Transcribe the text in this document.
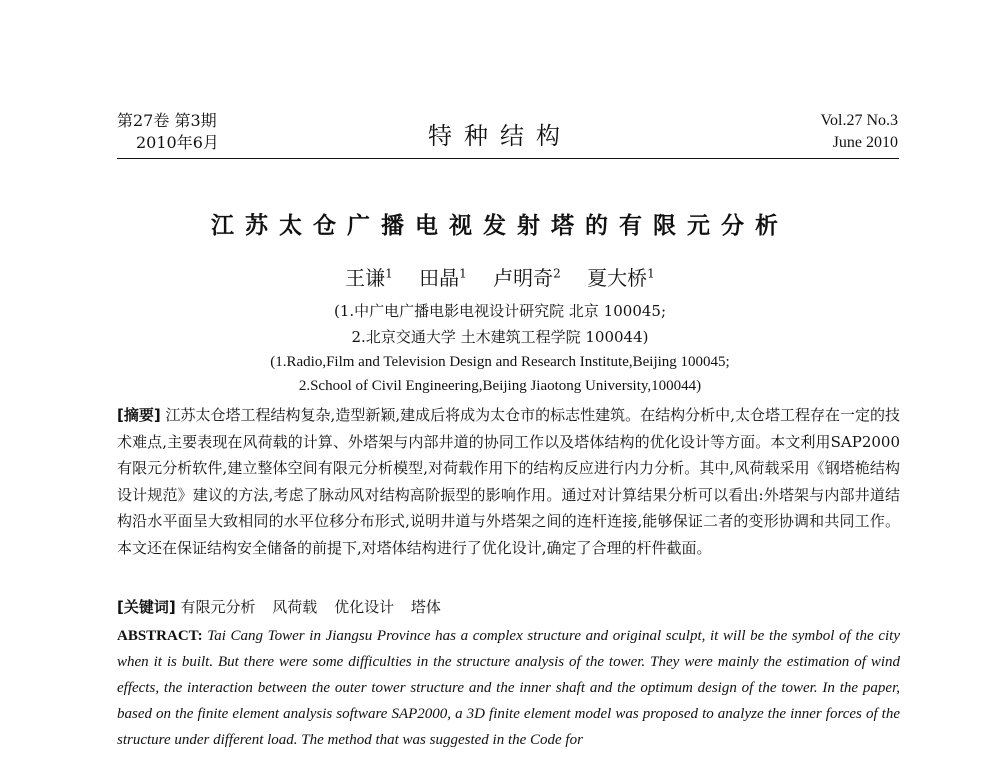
第27卷 第3期
2010年6月	特种结构
Vol.27 No.3
June 2010
江苏太仓广播电视发射塔的有限元分析
王谦$^1$ 田晶$^1$ 卢明奇$^2$ 夏大桥$^1$
(1.中广电广播电影电视设计研究院 北京 100045;
2.北京交通大学 土木建筑工程学院 100044)
(1.Radio,Film and Television Design and Research Institute,Beijing 100045;
2.School of Civil Engineering,Beijing Jiaotong University,100044)
[摘要] 江苏太仓塔工程结构复杂,造型新颖,建成后将成为太仓市的标志性建筑。在结构分析中,太仓塔工程存在一定的技术难点,主要表现在风荷载的计算、外塔架与内部井道的协同工作以及塔体结构的优化设计等方面。本文利用SAP2000有限元分析软件,建立整体空间有限元分析模型,对荷载作用下的结构反应进行内力分析。其中,风荷载采用《钢塔桅结构设计规范》建议的方法,考虑了脉动风对结构高阶振型的影响作用。通过对计算结果分析可以看出:外塔架与内部井道结构沿水平面呈大致相同的水平位移分布形式,说明井道与外塔架之间的连杆连接,能够保证二者的变形协调和共同工作。本文还在保证结构安全储备的前提下,对塔体结构进行了优化设计,确定了合理的杆件截面。
[关键词] 有限元分析 风荷载 优化设计 塔体
ABSTRACT: Tai Cang Tower in Jiangsu Province has a complex structure and original sculpt, it will be the symbol of the city when it is built. But there were some difficulties in the structure analysis of the tower. They were mainly the estimation of wind effects, the interaction between the outer tower structure and the inner shaft and the optimum design of the tower. In the paper, based on the finite element analysis software SAP2000, a 3D finite element model was proposed to analyze the inner forces of the structure under different load. The method that was suggested in the Code for
